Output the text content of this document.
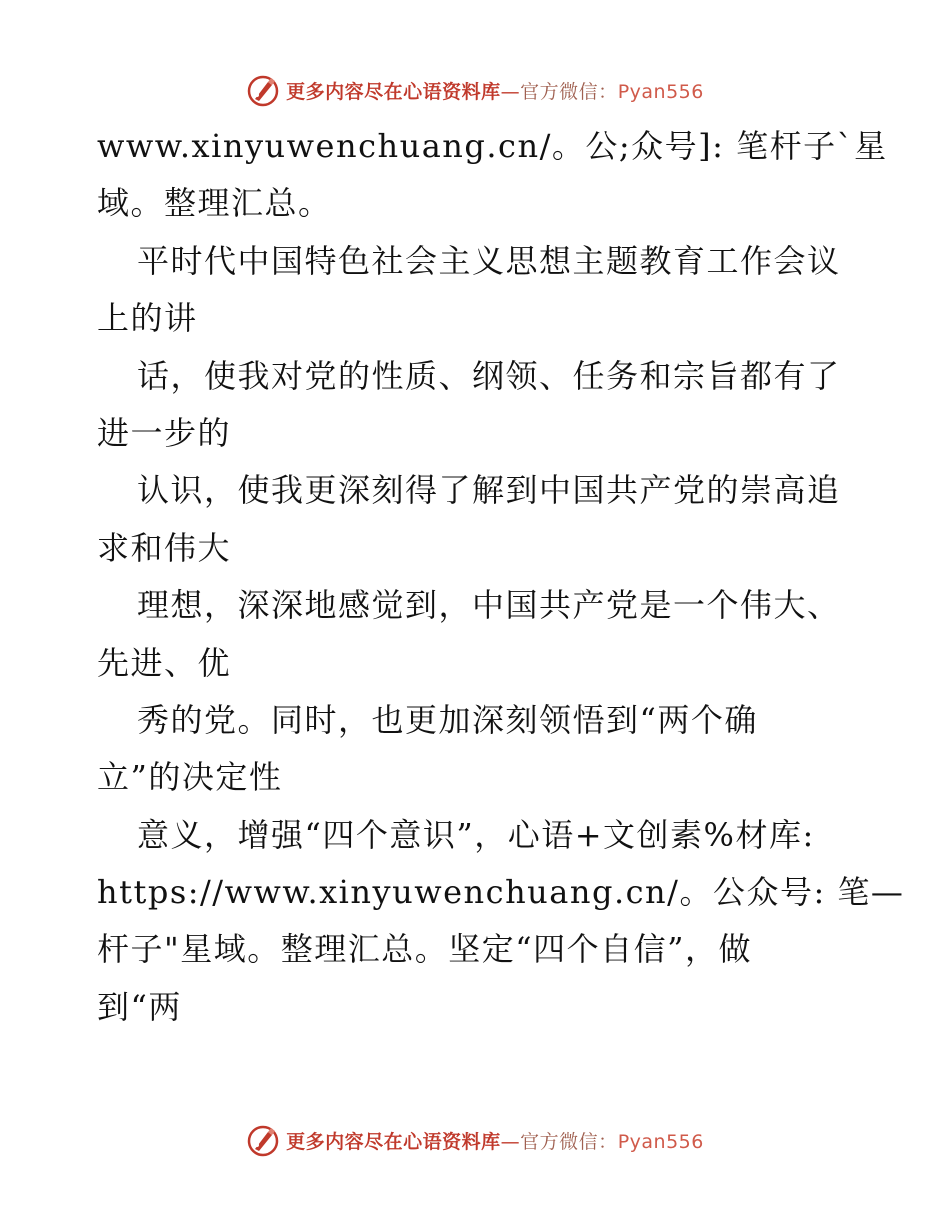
更多内容尽在心语资料库—官方微信：Pyan556
www.xinyuwenchuang.cn/。公;众号]: 笔杆子`星
域。整理汇总。
平时代中国特色社会主义思想主题教育工作会议
上的讲
话，使我对党的性质、纲领、任务和宗旨都有了
进一步的
认识，使我更深刻得了解到中国共产党的崇高追
求和伟大
理想，深深地感觉到，中国共产党是一个伟大、
先进、优
秀的党。同时，也更加深刻领悟到“两个确
立”的决定性
意义，增强“四个意识”，心语+文创素%材库:
https://www.xinyuwenchuang.cn/。公众号: 笔—
杆子"星域。整理汇总。坚定“四个自信”，做
到“两
更多内容尽在心语资料库—官方微信：Pyan556
